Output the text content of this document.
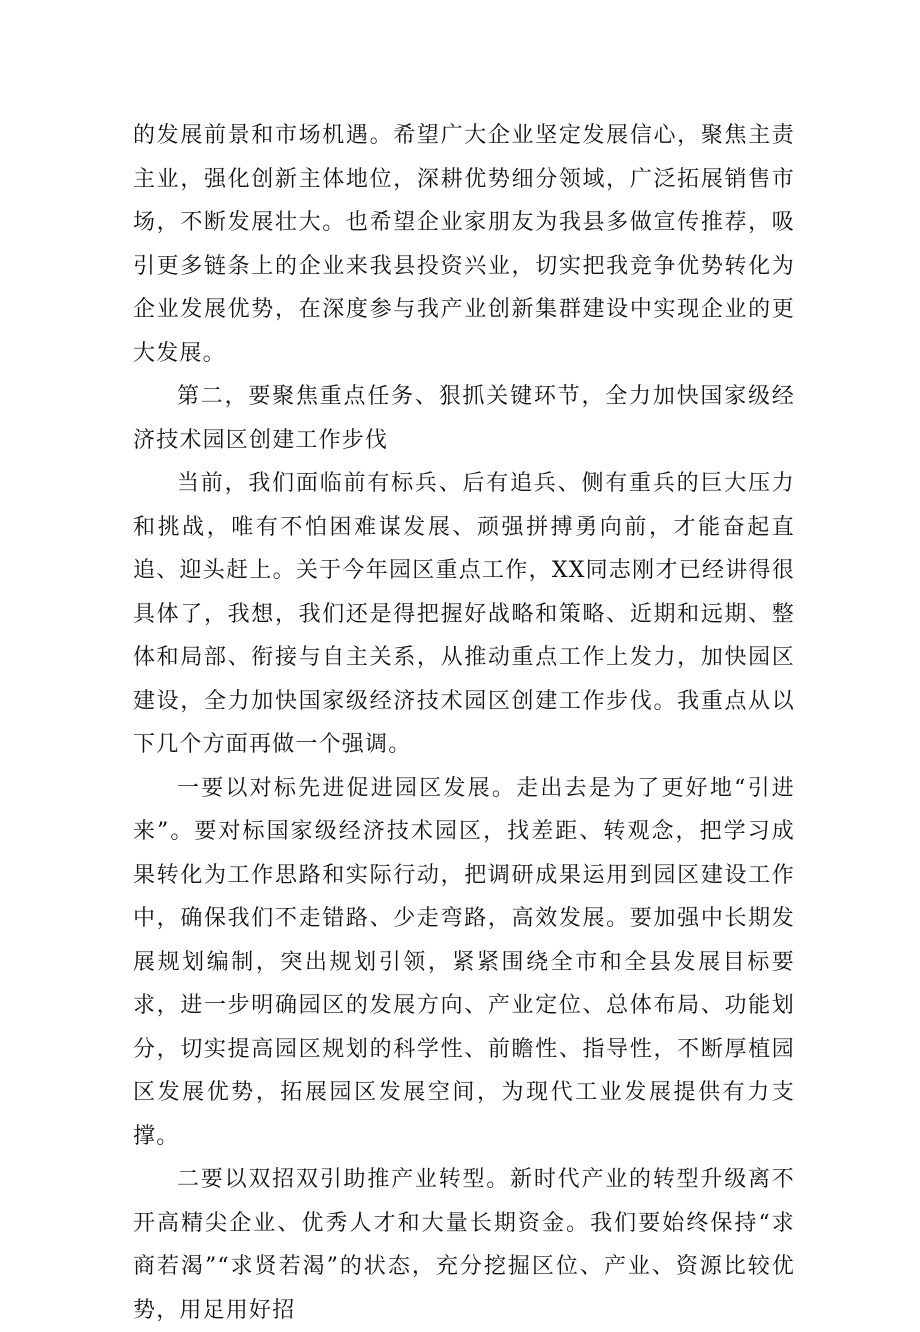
的发展前景和市场机遇。希望广大企业坚定发展信心，聚焦主责主业，强化创新主体地位，深耕优势细分领域，广泛拓展销售市场，不断发展壮大。也希望企业家朋友为我县多做宣传推荐，吸引更多链条上的企业来我县投资兴业，切实把我竞争优势转化为企业发展优势，在深度参与我产业创新集群建设中实现企业的更大发展。

第二，要聚焦重点任务、狠抓关键环节，全力加快国家级经济技术园区创建工作步伐

当前，我们面临前有标兵、后有追兵、侧有重兵的巨大压力和挑战，唯有不怕困难谋发展、顽强拼搏勇向前，才能奋起直追、迎头赶上。关于今年园区重点工作，XX同志刚才已经讲得很具体了，我想，我们还是得把握好战略和策略、近期和远期、整体和局部、衔接与自主关系，从推动重点工作上发力，加快园区建设，全力加快国家级经济技术园区创建工作步伐。我重点从以下几个方面再做一个强调。

一要以对标先进促进园区发展。走出去是为了更好地“引进来”。要对标国家级经济技术园区，找差距、转观念，把学习成果转化为工作思路和实际行动，把调研成果运用到园区建设工作中，确保我们不走错路、少走弯路，高效发展。要加强中长期发展规划编制，突出规划引领，紧紧围绕全市和全县发展目标要求，进一步明确园区的发展方向、产业定位、总体布局、功能划分，切实提高园区规划的科学性、前瞻性、指导性，不断厚植园区发展优势，拓展园区发展空间，为现代工业发展提供有力支撑。

二要以双招双引助推产业转型。新时代产业的转型升级离不开高精尖企业、优秀人才和大量长期资金。我们要始终保持“求商若渴”“求贤若渴”的状态，充分挖掘区位、产业、资源比较优势，用足用好招
